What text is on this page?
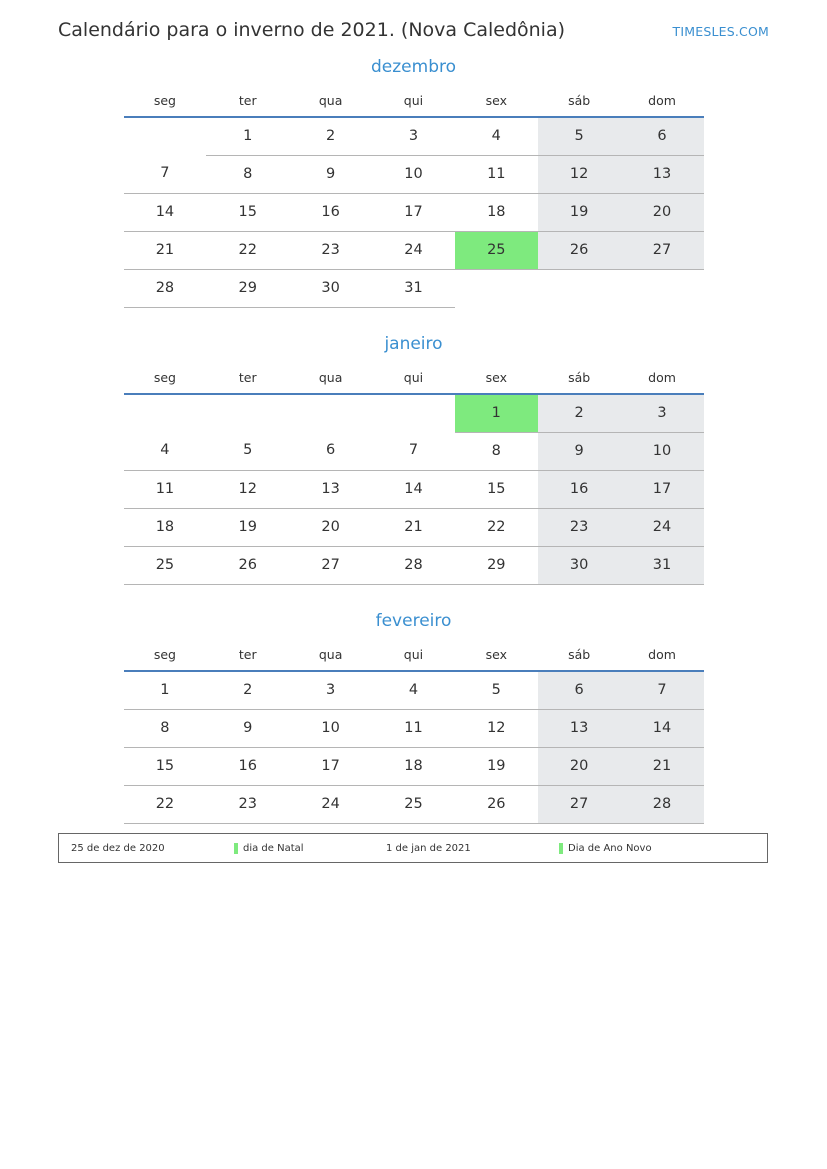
Calendário para o inverno de 2021. (Nova Caledônia)	TIMESLES.COM
dezembro
seg	ter	qua	qui	sex	sáb	dom
	1	2	3	4	5	6
7	8	9	10	11	12	13
14	15	16	17	18	19	20
21	22	23	24	25	26	27
28	29	30	31			
janeiro
seg	ter	qua	qui	sex	sáb	dom
				1	2	3
4	5	6	7	8	9	10
11	12	13	14	15	16	17
18	19	20	21	22	23	24
25	26	27	28	29	30	31
fevereiro
seg	ter	qua	qui	sex	sáb	dom
1	2	3	4	5	6	7
8	9	10	11	12	13	14
15	16	17	18	19	20	21
22	23	24	25	26	27	28
25 de dez de 2020	dia de Natal	1 de jan de 2021	Dia de Ano Novo
